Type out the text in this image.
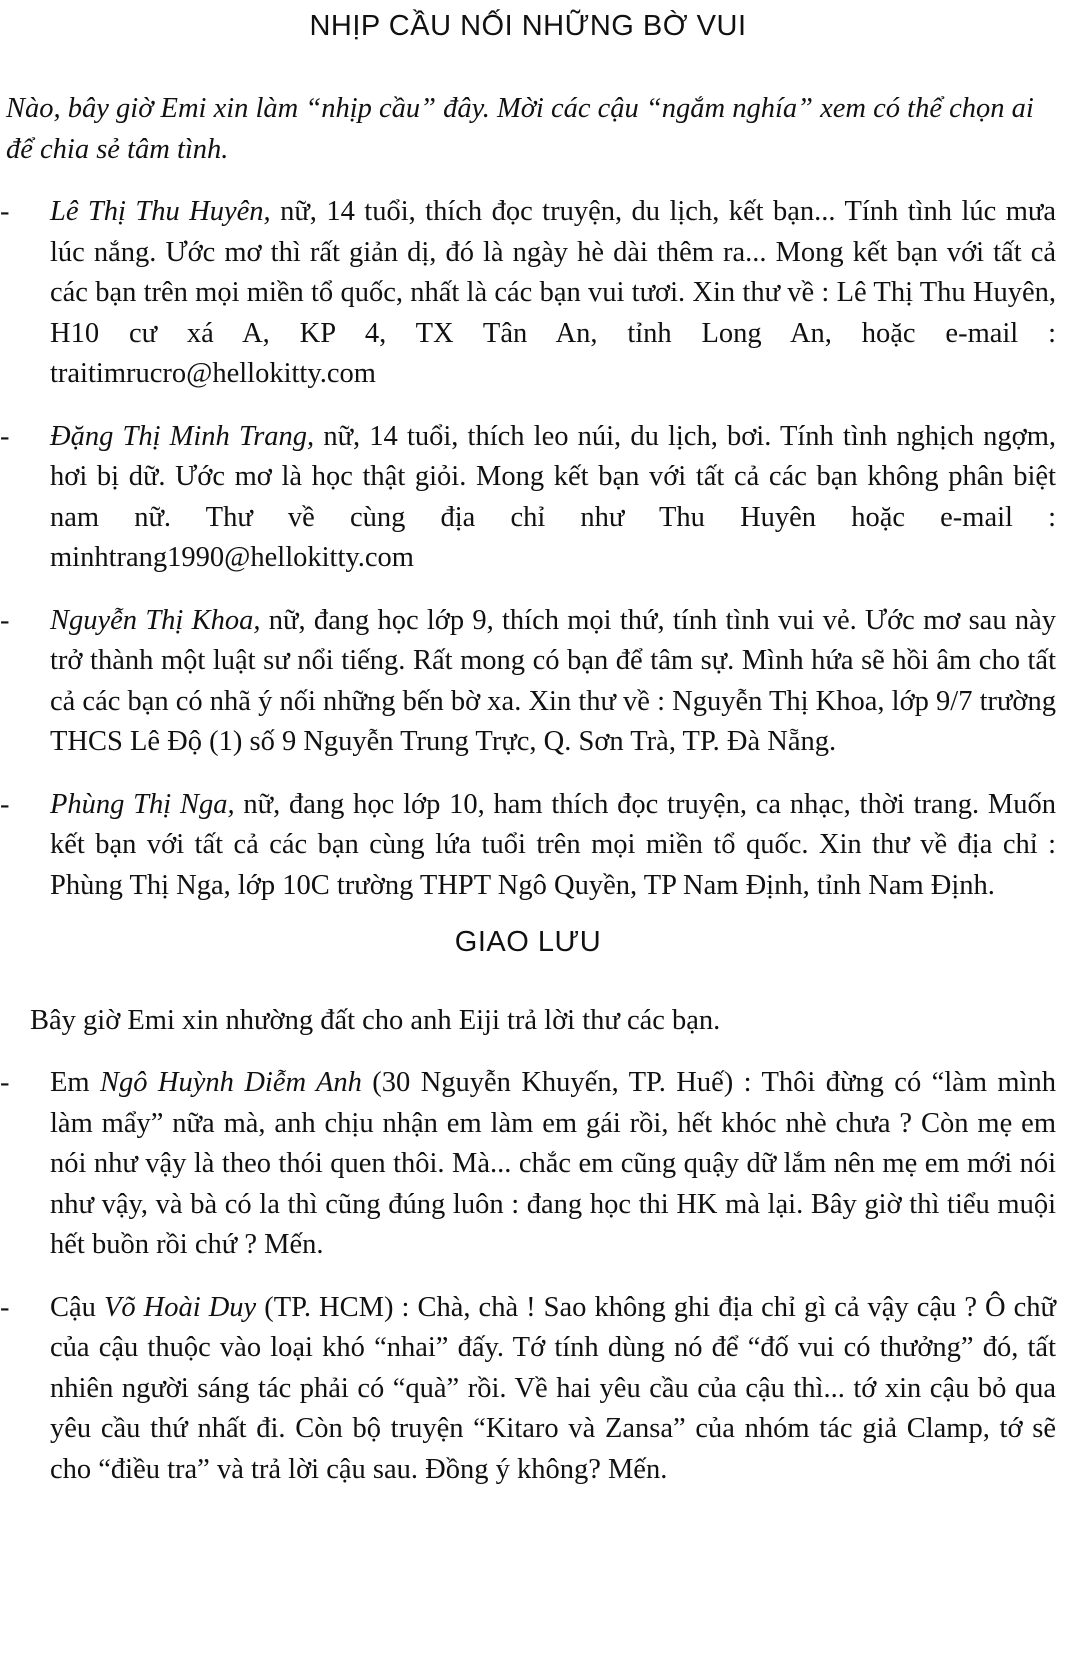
NHỊP CẦU NỐI NHỮNG BỜ VUI

Nào, bây giờ Emi xin làm “nhịp cầu” đây. Mời các cậu “ngắm nghía” xem có thể chọn ai để chia sẻ tâm tình.

- Lê Thị Thu Huyên, nữ, 14 tuổi, thích đọc truyện, du lịch, kết bạn... Tính tình lúc mưa lúc nắng. Ước mơ thì rất giản dị, đó là ngày hè dài thêm ra... Mong kết bạn với tất cả các bạn trên mọi miền tổ quốc, nhất là các bạn vui tươi. Xin thư về : Lê Thị Thu Huyên, H10 cư xá A, KP 4, TX Tân An, tỉnh Long An, hoặc e-mail : traitimrucro@hellokitty.com

- Đặng Thị Minh Trang, nữ, 14 tuổi, thích leo núi, du lịch, bơi. Tính tình nghịch ngợm, hơi bị dữ. Ước mơ là học thật giỏi. Mong kết bạn với tất cả các bạn không phân biệt nam nữ. Thư về cùng địa chỉ như Thu Huyên hoặc e-mail : minhtrang1990@hellokitty.com

- Nguyễn Thị Khoa, nữ, đang học lớp 9, thích mọi thứ, tính tình vui vẻ. Ước mơ sau này trở thành một luật sư nổi tiếng. Rất mong có bạn để tâm sự. Mình hứa sẽ hồi âm cho tất cả các bạn có nhã ý nối những bến bờ xa. Xin thư về : Nguyễn Thị Khoa, lớp 9/7 trường THCS Lê Độ (1) số 9 Nguyễn Trung Trực, Q. Sơn Trà, TP. Đà Nẵng.

- Phùng Thị Nga, nữ, đang học lớp 10, ham thích đọc truyện, ca nhạc, thời trang. Muốn kết bạn với tất cả các bạn cùng lứa tuổi trên mọi miền tổ quốc. Xin thư về địa chỉ : Phùng Thị Nga, lớp 10C trường THPT Ngô Quyền, TP Nam Định, tỉnh Nam Định.

GIAO LƯU

Bây giờ Emi xin nhường đất cho anh Eiji trả lời thư các bạn.

- Em Ngô Huỳnh Diễm Anh (30 Nguyễn Khuyến, TP. Huế) : Thôi đừng có “làm mình làm mẩy” nữa mà, anh chịu nhận em làm em gái rồi, hết khóc nhè chưa ? Còn mẹ em nói như vậy là theo thói quen thôi. Mà... chắc em cũng quậy dữ lắm nên mẹ em mới nói như vậy, và bà có la thì cũng đúng luôn : đang học thi HK mà lại. Bây giờ thì tiểu muội hết buồn rồi chứ ? Mến.

- Cậu Võ Hoài Duy (TP. HCM) : Chà, chà ! Sao không ghi địa chỉ gì cả vậy cậu ? Ô chữ của cậu thuộc vào loại khó “nhai” đấy. Tớ tính dùng nó để “đố vui có thưởng” đó, tất nhiên người sáng tác phải có “quà” rồi. Về hai yêu cầu của cậu thì... tớ xin cậu bỏ qua yêu cầu thứ nhất đi. Còn bộ truyện “Kitaro và Zansa” của nhóm tác giả Clamp, tớ sẽ cho “điều tra” và trả lời cậu sau. Đồng ý không? Mến.
